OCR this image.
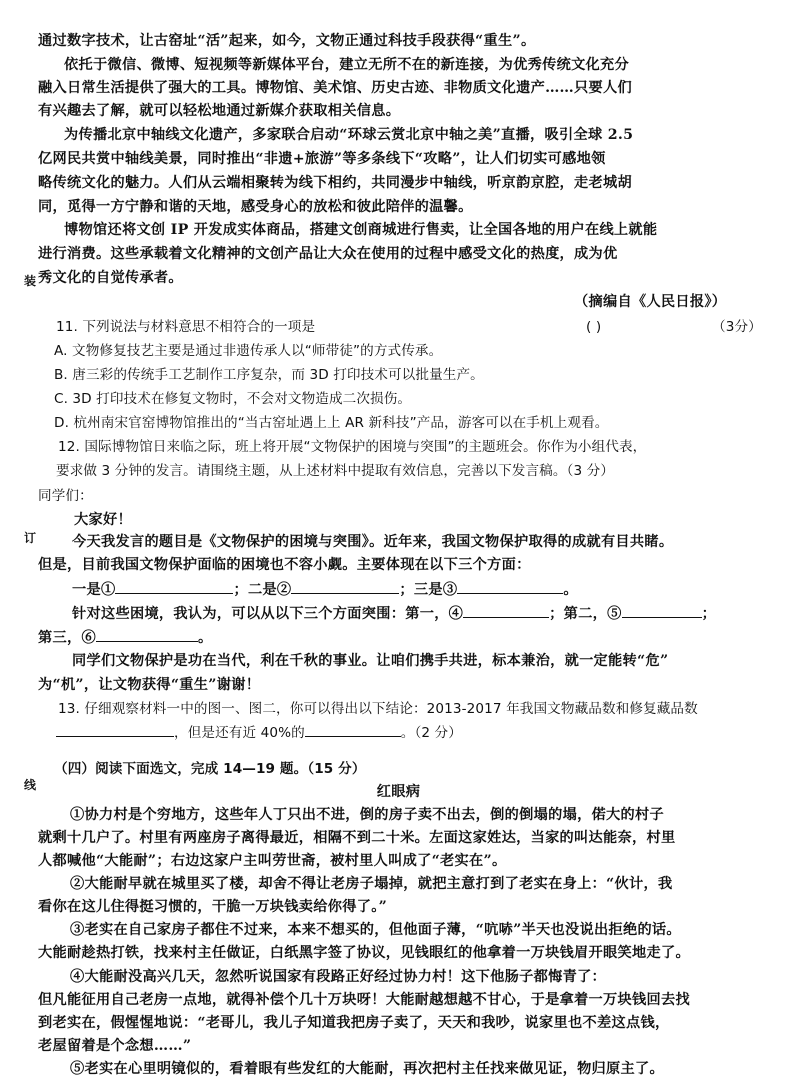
通过数字技术，让古窑址“活”起来，如今，文物正通过科技手段获得“重生”。
依托于微信、微博、短视频等新媒体平台，建立无所不在的新连接，为优秀传统文化充分
融入日常生活提供了强大的工具。博物馆、美术馆、历史古迹、非物质文化遗产……只要人们
有兴趣去了解，就可以轻松地通过新媒介获取相关信息。
为传播北京中轴线文化遗产，多家联合启动“环球云赏北京中轴之美”直播，吸引全球 2.5
亿网民共赏中轴线美景，同时推出“非遗+旅游”等多条线下“攻略”，让人们切实可感地领
略传统文化的魅力。人们从云端相聚转为线下相约，共同漫步中轴线，听京韵京腔，走老城胡
同，觅得一方宁静和谐的天地，感受身心的放松和彼此陪伴的温馨。
博物馆还将文创 IP 开发成实体商品，搭建文创商城进行售卖，让全国各地的用户在线上就能
进行消费。这些承载着文化精神的文创产品让大众在使用的过程中感受文化的热度，成为优
装 秀文化的自觉传承者。
（摘编自《人民日报》）
11. 下列说法与材料意思不相符合的一项是	( )	（3分）
A. 文物修复技艺主要是通过非遗传承人以“师带徒”的方式传承。
B. 唐三彩的传统手工艺制作工序复杂，而 3D 打印技术可以批量生产。
C. 3D 打印技术在修复文物时，不会对文物造成二次损伤。
D. 杭州南宋官窑博物馆推出的“当古窑址遇上上 AR 新科技”产品，游客可以在手机上观看。
12. 国际博物馆日来临之际，班上将开展“文物保护的困境与突围”的主题班会。你作为小组代表，
要求做 3 分钟的发言。请围绕主题，从上述材料中提取有效信息，完善以下发言稿。（3 分）
同学们：
大家好！
订	今天我发言的题目是《文物保护的困境与突围》。近年来，我国文物保护取得的成就有目共睹。
但是，目前我国文物保护面临的困境也不容小觑。主要体现在以下三个方面：
一是①	；二是②	；三是③	。
针对这些困境，我认为，可以从以下三个方面突围：第一，④	；第二，⑤	；
第三，⑥	。
同学们文物保护是功在当代，利在千秋的事业。让咱们携手共进，标本兼治，就一定能转“危”
为“机”，让文物获得“重生”谢谢！
13. 仔细观察材料一中的图一、图二，你可以得出以下结论：2013-2017 年我国文物藏品数和修复藏品数
，但是还有近 40%的	。（2 分）
（四）阅读下面选文，完成 14—19 题。（15 分）
线	红眼病
①协力村是个穷地方，这些年人丁只出不进，倒的房子卖不出去，倒的倒塌的塌，偌大的村子
就剩十几户了。村里有两座房子离得最近，相隔不到二十米。左面这家姓达，当家的叫达能奈，村里
人都喊他“大能耐”；右边这家户主叫劳世斋，被村里人叫成了“老实在”。
②大能耐早就在城里买了楼，却舍不得让老房子塌掉，就把主意打到了老实在身上：“伙计，我
看你在这儿住得挺习惯的，干脆一万块钱卖给你得了。”
③老实在自己家房子都住不过来，本来不想买的，但他面子薄，“吭哧”半天也没说出拒绝的话。
大能耐趁热打铁，找来村主任做证，白纸黑字签了协议，见钱眼红的他拿着一万块钱眉开眼笑地走了。
④大能耐没高兴几天，忽然听说国家有段路正好经过协力村！这下他肠子都悔青了：
但凡能征用自己老房一点地，就得补偿个几十万块呀！大能耐越想越不甘心，于是拿着一万块钱回去找
到老实在，假惺惺地说：“老哥儿，我儿子知道我把房子卖了，天天和我吵，说家里也不差这点钱，
老屋留着是个念想……”
⑤老实在心里明镜似的，看着眼有些发红的大能耐，再次把村主任找来做见证，物归原主了。
